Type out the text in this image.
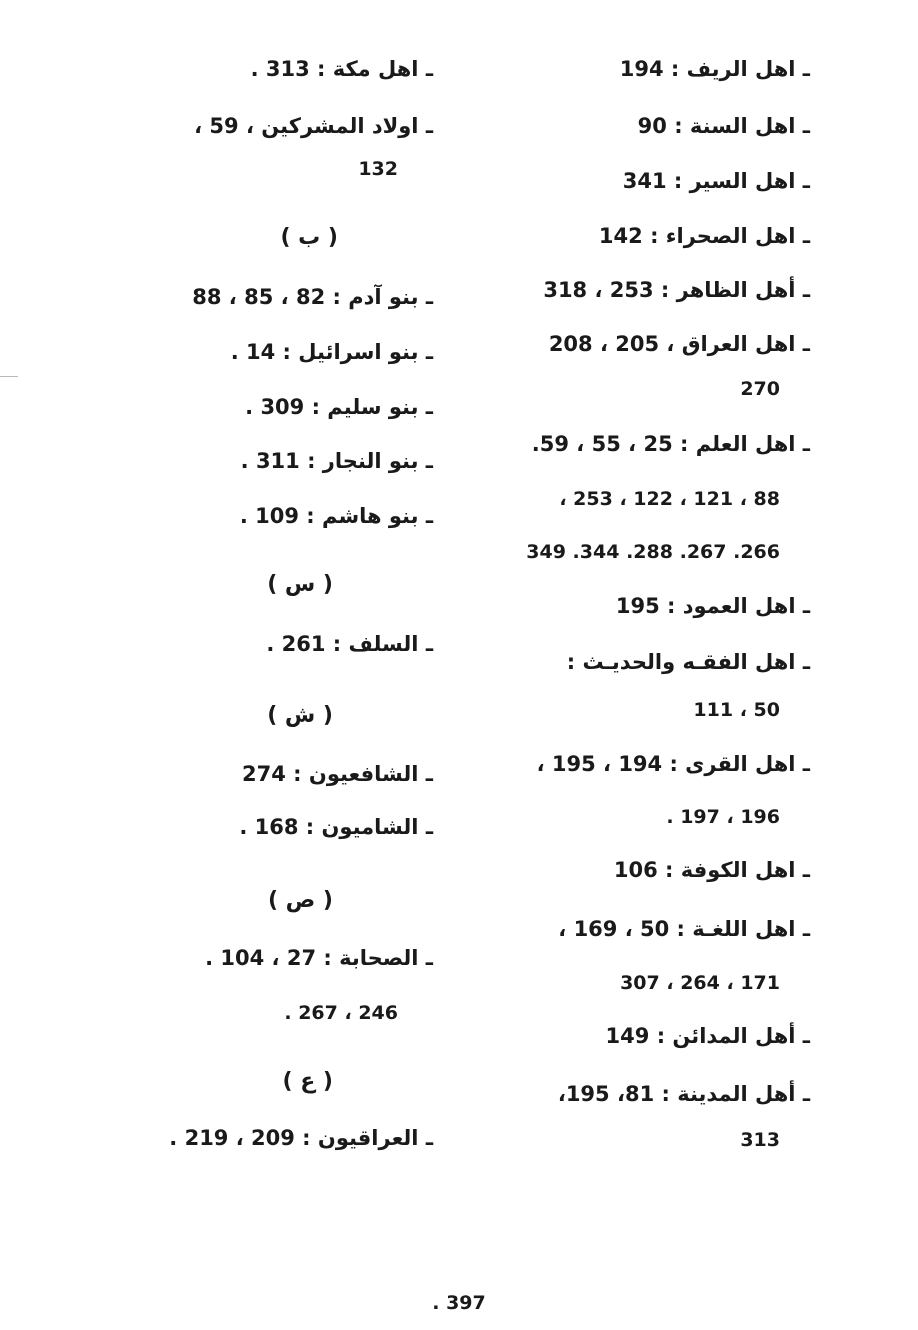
ـ اهل الريف : 194
ـ اهل السنة : 90
ـ اهل السير : 341
ـ اهل الصحراء : 142
ـ أهل الظاهر : 253 ، 318
ـ اهل العراق ، 205 ، 208
270
ـ اهل العلم : 25 ، 55 ، 59.
88 ، 121 ، 122 ، 253 ،
266. 267. 288. 344. 349
ـ اهل العمود : 195
ـ اهل الفقـه والحديـث :
50 ، 111
ـ اهل القرى : 194 ، 195 ،
196 ، 197 .
ـ اهل الكوفة : 106
ـ اهل اللغـة : 50 ، 169 ،
171 ، 264 ، 307
ـ أهل المدائن : 149
ـ أهل المدينة : 81، 195،
313
ـ اهل مكة : 313 .
ـ اولاد المشركين ، 59 ،
132
( ب )
ـ بنو آدم : 82 ، 85 ، 88
ـ بنو اسرائيل : 14 .
ـ بنو سليم : 309 .
ـ بنو النجار : 311 .
ـ بنو هاشم : 109 .
( س )
ـ السلف : 261 .
( ش )
ـ الشافعيون : 274
ـ الشاميون : 168 .
( ص )
ـ الصحابة : 27 ، 104 .
246 ، 267 .
( ع )
ـ العراقيون : 209 ، 219 .
397 .
